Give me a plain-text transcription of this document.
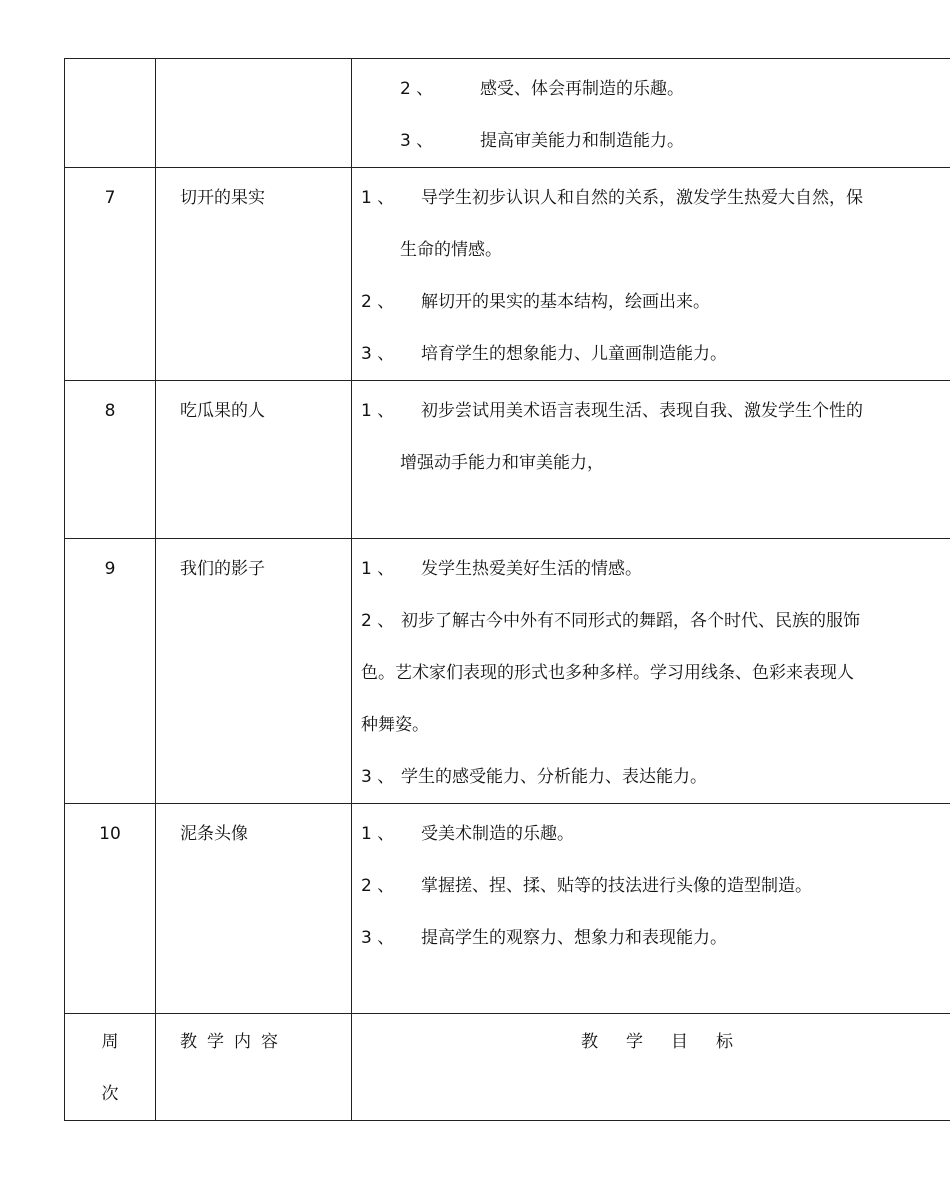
		2 、 感受、体会再制造的乐趣。
3 、 提高审美能力和制造能力。

7	切开的果实	1 、 导学生初步认识人和自然的关系，激发学生热爱大自然，保
生命的情感。
2 、 解切开的果实的基本结构，绘画出来。
3 、 培育学生的想象能力、儿童画制造能力。

8	吃瓜果的人	1 、 初步尝试用美术语言表现生活、表现自我、激发学生个性的
增强动手能力和审美能力，

9	我们的影子	1 、 发学生热爱美好生活的情感。
2 、 初步了解古今中外有不同形式的舞蹈，各个时代、民族的服饰
色。艺术家们表现的形式也多种多样。学习用线条、色彩来表现人
种舞姿。
3 、 学生的感受能力、分析能力、表达能力。

10	泥条头像	1 、 受美术制造的乐趣。
2 、 掌握搓、捏、揉、贴等的技法进行头像的造型制造。
3 、 提高学生的观察力、想象力和表现能力。

周
次	教学内容	教学目标
